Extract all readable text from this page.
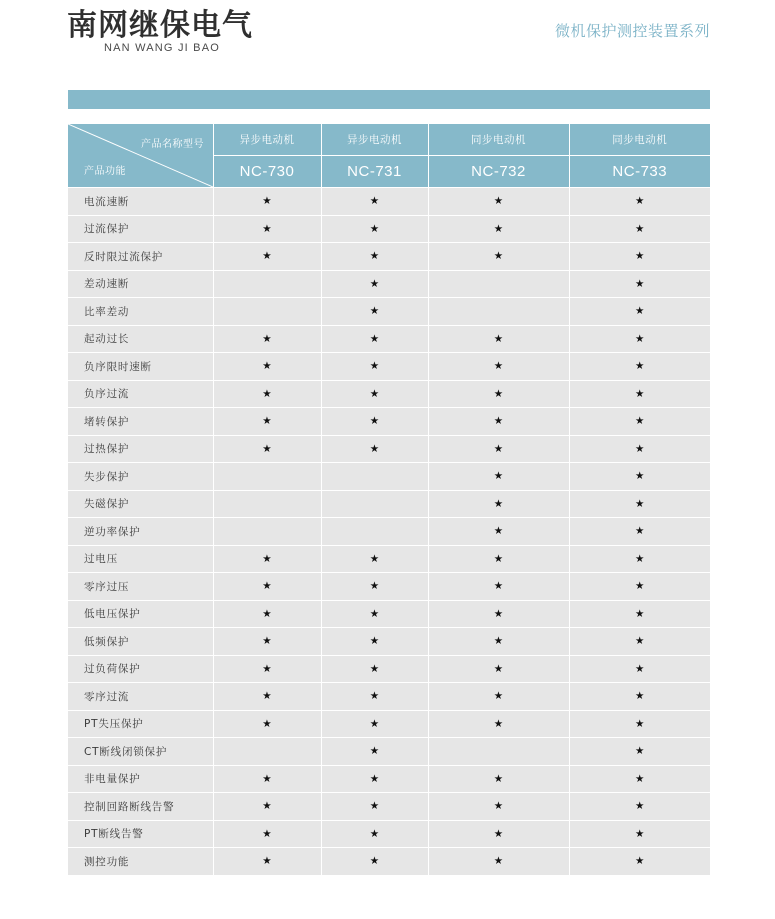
南网继保电气
NAN WANG JI BAO
微机保护测控装置系列
产品名称型号
产品功能	异步电动机	异步电动机	同步电动机	同步电动机
	NC-730	NC-731	NC-732	NC-733
电流速断	★	★	★	★
过流保护	★	★	★	★
反时限过流保护	★	★	★	★
差动速断		★		★
比率差动		★		★
起动过长	★	★	★	★
负序限时速断	★	★	★	★
负序过流	★	★	★	★
堵转保护	★	★	★	★
过热保护	★	★	★	★
失步保护			★	★
失磁保护			★	★
逆功率保护			★	★
过电压	★	★	★	★
零序过压	★	★	★	★
低电压保护	★	★	★	★
低频保护	★	★	★	★
过负荷保护	★	★	★	★
零序过流	★	★	★	★
PT失压保护	★	★	★	★
CT断线闭锁保护		★		★
非电量保护	★	★	★	★
控制回路断线告警	★	★	★	★
PT断线告警	★	★	★	★
测控功能	★	★	★	★
